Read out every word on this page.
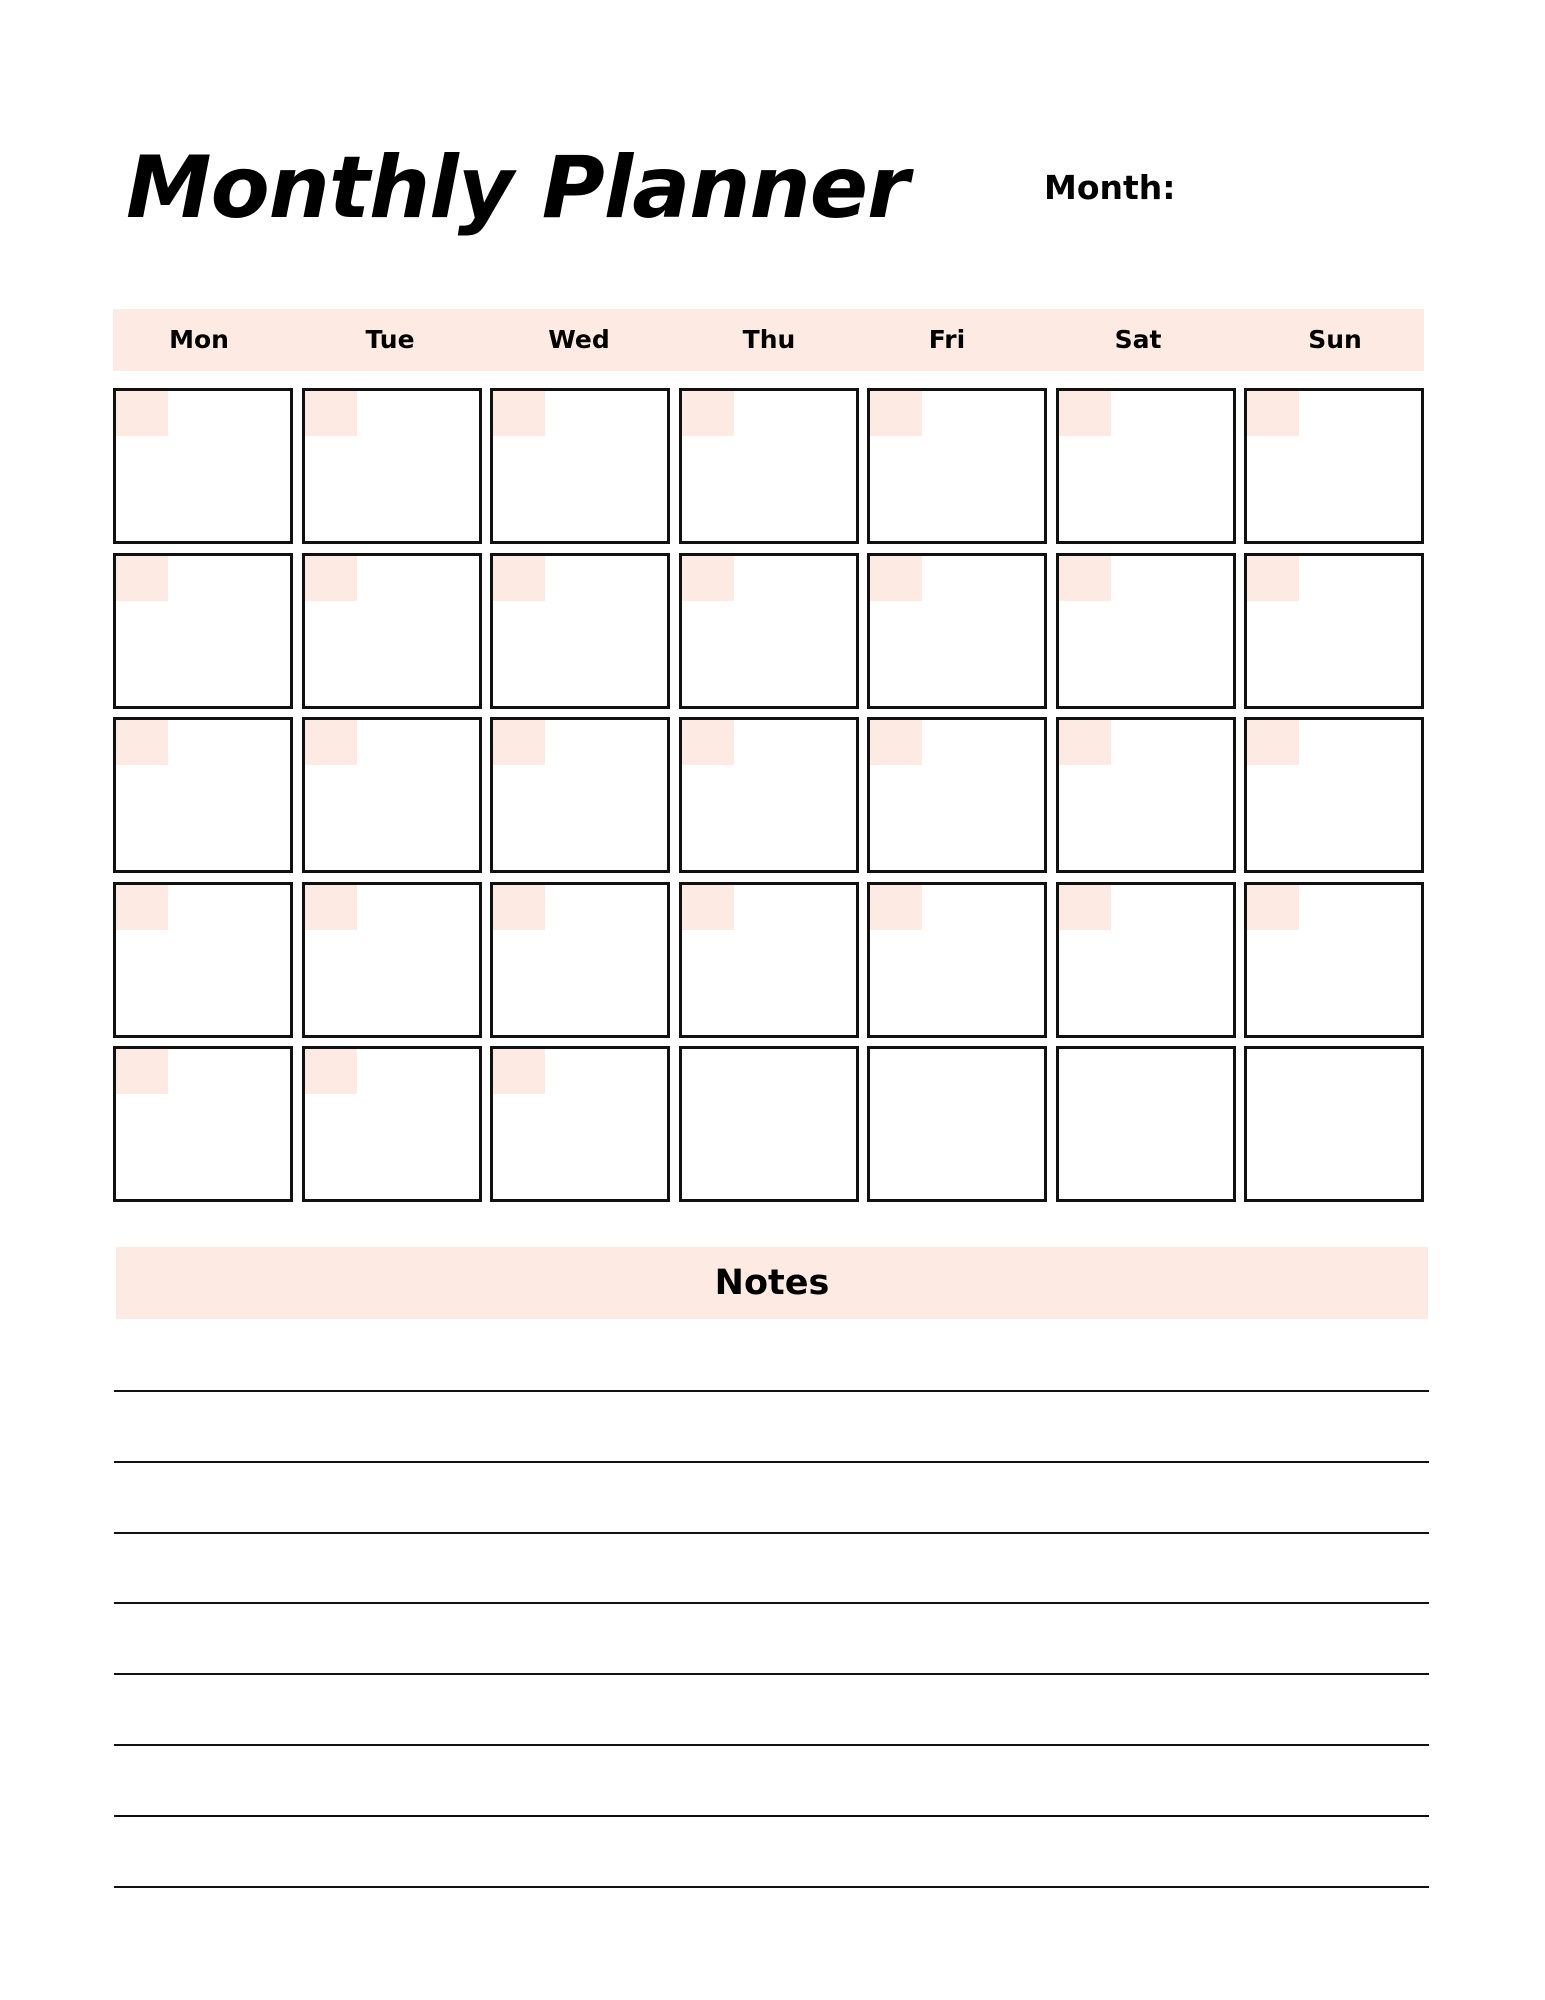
Monthly Planner	Month:
Mon	Tue	Wed	Thu	Fri	Sat	Sun
Notes
